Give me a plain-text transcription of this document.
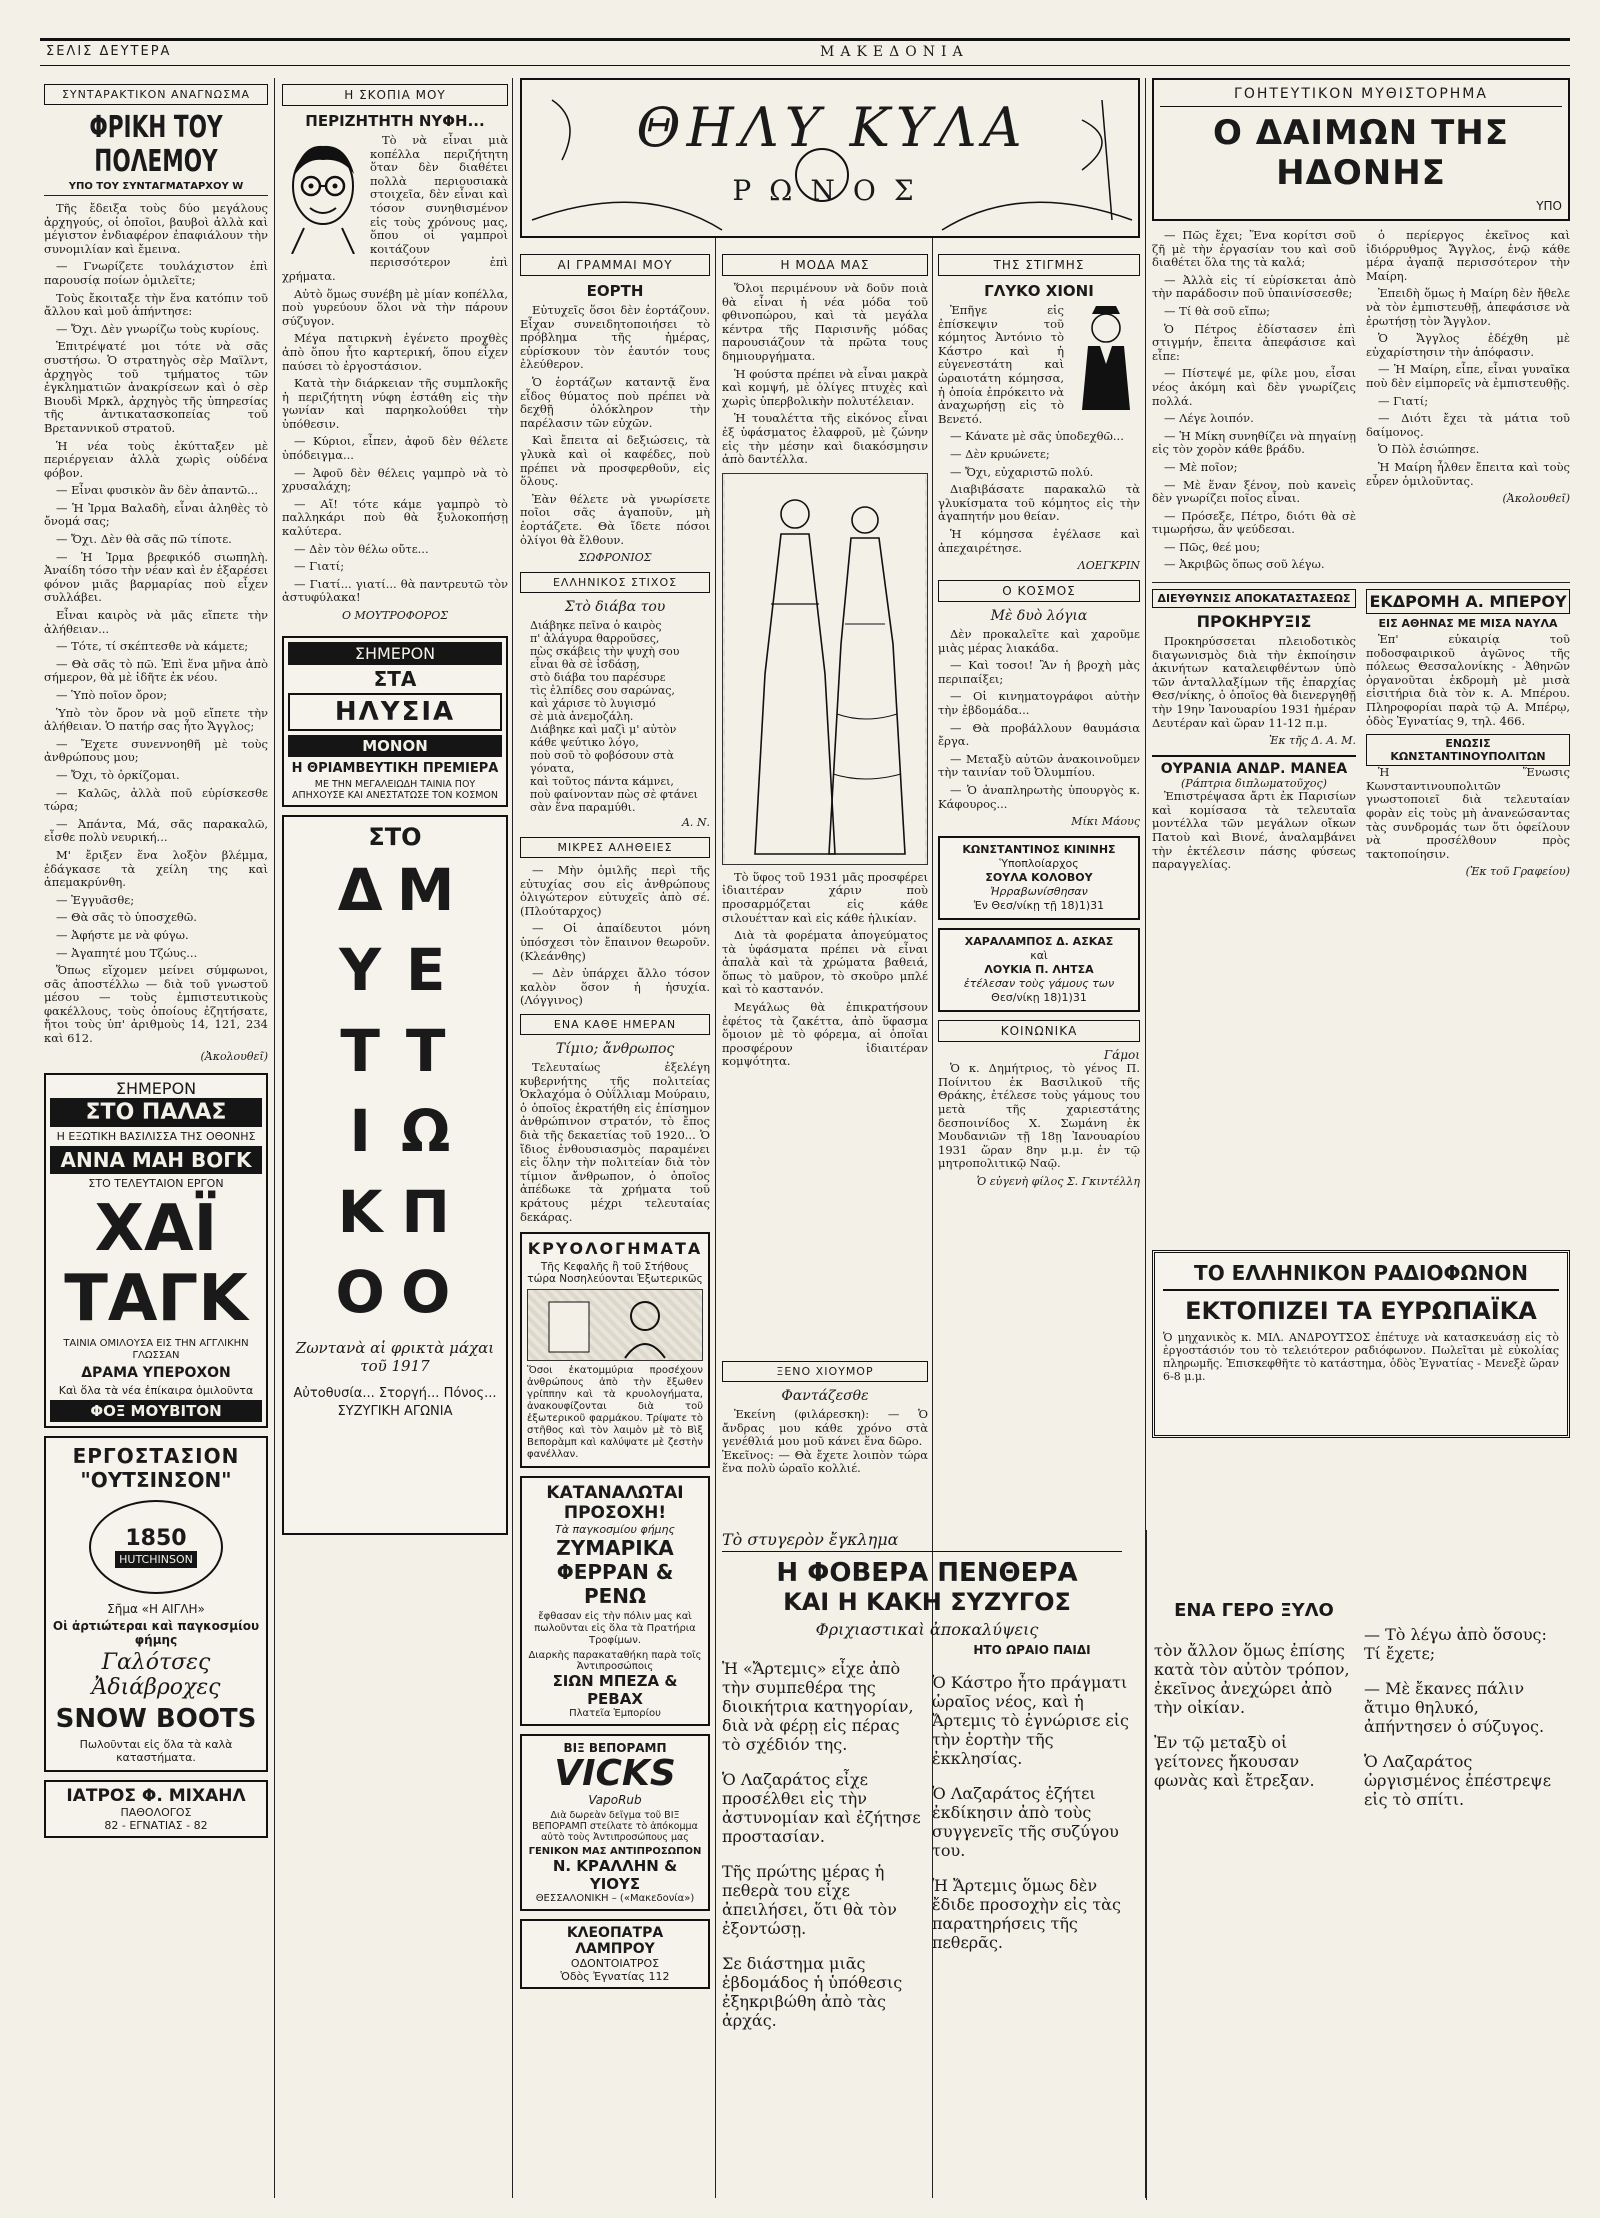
ΣΕΛΙΣ ΔΕΥΤΕΡΑ	ΜΑΚΕΔΟΝΙΑ
ΣΥΝΤΑΡΑΚΤΙΚΟΝ ΑΝΑΓΝΩΣΜΑ
ΦΡΙΚΗ ΤΟΥ ΠΟΛΕΜΟΥ
ΥΠΟ ΤΟΥ ΣΥΝΤΑΓΜΑΤΑΡΧΟΥ W

Τῆς ἔδειξα τοὺς δύο μεγάλους ἀρχηγούς, οἱ ὁποῖοι, βαυβοὶ ἀλλὰ καὶ μέγιστον ἐνδιαφέρον ἐπαφιάλουν τὴν συνομιλίαν καὶ ἔμεινα.

— Γνωρίζετε τουλάχιστον ἐπὶ παρουσίᾳ ποίων ὁμιλεῖτε;

Τοὺς ἔκοιταξε τὴν ἕνα κατόπιν τοῦ ἄλλου καὶ μοῦ ἀπήντησε:

— Ὄχι. Δὲν γνωρίζω τοὺς κυρίους.

Ἐπιτρέψατέ μοι τότε νὰ σᾶς συστήσω. Ὁ στρατηγὸς σὲρ Μαϊλντ, ἀρχηγὸς τοῦ τμήματος τῶν ἐγκληματιῶν ἀνακρίσεων καὶ ὁ σὲρ Βιουδὶ Μρκλ, ἀρχηγὸς τῆς ὑπηρεσίας τῆς ἀντικατασκοπείας τοῦ Βρεταννικοῦ στρατοῦ.

Ἡ νέα τοὺς ἐκύτταξεν μὲ περιέργειαν ἀλλὰ χωρὶς οὐδένα φόβον.

— Εἶναι φυσικὸν ἂν δὲν ἀπαντῶ...

— Ἡ Ἰρμα Βαλαδὴ, εἶναι ἀληθὲς τὸ ὄνομά σας;

— Ὄχι. Δὲν θὰ σᾶς πῶ τίποτε.

— Ἡ Ἰρμα βρεφικόδ σιωπηλὴ. Ἀναίδη τόσο τὴν νέαν καὶ ἐν ἐξαρέσει φόνον μιᾶς βαρμαρίας ποὺ εἶχεν συλλάβει.

Εἶναι καιρὸς νὰ μᾶς εἴπετε τὴν ἀλήθειαν...

— Τότε, τί σκέπτεσθε νὰ κάμετε;

— Θὰ σᾶς τὸ πῶ. Ἐπὶ ἕνα μῆνα ἀπὸ σήμερον, θὰ μὲ ἰδῆτε ἐκ νέου.

— Ὑπὸ ποῖον ὄρον;

Ὑπὸ τὸν ὄρον νὰ μοῦ εἴπετε τὴν ἀλήθειαν. Ὁ πατήρ σας ἦτο Ἄγγλος;

— Ἔχετε συνεννοηθῆ μὲ τοὺς ἀνθρώπους μου;

— Ὄχι, τὸ ὁρκίζομαι.

— Καλῶς, ἀλλὰ ποῦ εὑρίσκεσθε τώρα;

— Ἀπάντα, Μά, σᾶς παρακαλῶ, εἶσθε πολὺ νευρική...

Μ' ἔριξεν ἕνα λοξὸν βλέμμα, ἐδάγκασε τὰ χείλη της καὶ ἀπεμακρύνθη.

— Ἐγγυᾶσθε;

— Θὰ σᾶς τὸ ὑποσχεθῶ.

— Ἀφήστε με νὰ φύγω.

— Ἀγαπητέ μου Τζώυς...

Ὅπως εἴχομεν μείνει σύμφωνοι, σᾶς ἀποστέλλω — διὰ τοῦ γνωστοῦ μέσου — τοὺς ἐμπιστευτικοὺς φακέλλους, τοὺς ὁποίους ἐζητήσατε, ἤτοι τοὺς ὑπ' ἀριθμοὺς 14, 121, 234 καὶ 612.

(Ἀκολουθεῖ)
ΣΗΜΕΡΟΝ
ΣΤΟ ΠΑΛΑΣ
Η ΕΞΩΤΙΚΗ ΒΑΣΙΛΙΣΣΑ ΤΗΣ ΟΘΟΝΗΣ
ΑΝΝΑ ΜΑΗ ΒΟΓΚ
ΣΤΟ ΤΕΛΕΥΤΑΙΟΝ ΕΡΓΟΝ
ΧΑΪ ΤΑΓΚ
ΤΑΙΝΙΑ ΟΜΙΛΟΥΣΑ ΕΙΣ ΤΗΝ ΑΓΓΛΙΚΗΝ ΓΛΩΣΣΑΝ
ΔΡΑΜΑ ΥΠΕΡΟΧΟΝ
Καὶ ὅλα τὰ νέα ἐπίκαιρα ὁμιλοῦντα
ΦΟΞ ΜΟΥΒΙΤΟΝ
ΕΡΓΟΣΤΑΣΙΟΝ
"ΟΥΤΣΙΝΣΟΝ"
1850
HUTCHINSON
Σῆμα «Η ΑΙΓΛΗ»
Οἱ ἀρτιώτεραι καὶ παγκοσμίου φήμης
Γαλότσες
Ἀδιάβροχες
SNOW BOOTS
Πωλοῦνται εἰς ὅλα τὰ καλὰ καταστήματα.
ΙΑΤΡΟΣ Φ. ΜΙΧΑΗΛ
ΠΑΘΟΛΟΓΟΣ
82 - ΕΓΝΑΤΙΑΣ - 82
Η ΣΚΟΠΙΑ ΜΟΥ
ΠΕΡΙΖΗΤΗΤΗ ΝΥΦΗ...

Τὸ νὰ εἶναι μιὰ κοπέλλα περιζήτητη ὅταν δὲν διαθέτει πολλὰ περιουσιακὰ στοιχεῖα, δὲν εἶναι καὶ τόσον συνηθισμένον εἰς τοὺς χρόνους μας, ὅπου οἱ γαμπροὶ κοιτάζουν περισσότερον ἐπὶ χρήματα.

Αὐτὸ ὅμως συνέβη μὲ μίαν κοπέλλα, ποὺ γυρεύουν ὅλοι νὰ τὴν πάρουν σύζυγον.

Μέγα πατιρκνὴ ἐγένετο προχθὲς ἀπὸ ὅπου ἦτο καρτερική, ὅπου εἶχεν παύσει τὸ ἐργοστάσιον.

Κατὰ τὴν διάρκειαν τῆς συμπλοκῆς ἡ περιζήτητη νύφη ἐστάθη εἰς τὴν γωνίαν καὶ παρηκολούθει τὴν ὑπόθεσιν.

— Κύριοι, εἶπεν, ἀφοῦ δὲν θέλετε ὑπόδειγμα...

— Ἀφοῦ δὲν θέλεις γαμπρὸ νὰ τὸ χρυσαλάχη;

— Αἴ! τότε κάμε γαμπρὸ τὸ παλληκάρι ποὺ θὰ ξυλοκοπήσῃ καλύτερα.

— Δὲν τὸν θέλω οὔτε...

— Γιατί;

— Γιατί... γιατί... θὰ παντρευτῶ τὸν ἀστυφύλακα!

Ο ΜΟΥΤΡΟΦΟΡΟΣ
ΣΗΜΕΡΟΝ
ΣΤΑ
ΗΛΥΣΙΑ
ΜΟΝΟΝ
Η ΘΡΙΑΜΒΕΥΤΙΚΗ ΠΡΕΜΙΕΡΑ
ΜΕ ΤΗΝ ΜΕΓΑΛΕΙΩΔΗ ΤΑΙΝΙΑ ΠΟΥ ΑΠΗΧΟΥΣΕ ΚΑΙ ΑΝΕΣΤΑΤΩΣΕ ΤΟΝ ΚΟΣΜΟΝ
ΣΤΟ
Δ
Υ
Τ
Ι
Κ
Ο
Μ
Ε
Τ
Ω
Π
Ο
Ζωντανὰ αἱ φρικτὰ μάχαι τοῦ 1917
Αὐτοθυσία... Στοργή... Πόνος... ΣΥΖΥΓΙΚΗ ΑΓΩΝΙΑ
ΘΗΛΥ ΚΥΛΑ
ΡΩΝΟΣ
ΑΙ ΓΡΑΜΜΑΙ ΜΟΥ
ΕΟΡΤΗ

Εὐτυχεῖς ὅσοι δὲν ἑορτάζουν. Εἶχαν συνειδητοποιήσει τὸ πρόβλημα τῆς ἡμέρας, εὑρίσκουν τὸν ἑαυτόν τους ἐλεύθερον.

Ὁ ἑορτάζων καταντᾷ ἕνα εἶδος θύματος ποὺ πρέπει νὰ δεχθῇ ὁλόκληρον τὴν παρέλασιν τῶν εὐχῶν.

Καὶ ἔπειτα αἱ δεξιώσεις, τὰ γλυκὰ καὶ οἱ καφέδες, ποὺ πρέπει νὰ προσφερθοῦν, εἰς ὅλους.

Ἐὰν θέλετε νὰ γνωρίσετε ποῖοι σᾶς ἀγαποῦν, μὴ ἑορτάζετε. Θὰ ἴδετε πόσοι ὀλίγοι θὰ ἔλθουν.

ΣΩΦΡΟΝΙΟΣ
ΕΛΛΗΝΙΚΟΣ ΣΤΙΧΟΣ
Στὸ διάβα του
Διάβηκε πεῖνα ὁ καιρὸς
π' ἀλάγυρα θαρροῦσες,
πὼς σκάβεις τὴν ψυχὴ σου
εἶναι θὰ σὲ ἰσδάσῃ,
στὸ διάβα του παρέσυρε
τὶς ἐλπίδες σου σαρώνας,
καὶ χάρισε τὸ λυγισμό
σὲ μιὰ ἀνεμοζάλη.
Διάβηκε καὶ μαζὶ μ' αὐτὸν
κάθε ψεύτικο λόγο,
ποὺ σοῦ τὸ φοβόσουν στὰ γόνατα,
καὶ τοῦτος πάντα κάμνει,
ποὺ φαίνονταν πὼς σὲ φτάνει
σὰν ἕνα παραμύθι.
Α. Ν.
ΜΙΚΡΕΣ ΑΛΗΘΕΙΕΣ

— Μὴν ὁμιλῆς περὶ τῆς εὐτυχίας σου εἰς ἀνθρώπους ὀλιγώτερον εὐτυχεῖς ἀπὸ σέ. (Πλούταρχος)

— Οἱ ἀπαίδευτοι μόνη ὑπόσχεσι τὸν ἔπαινον θεωροῦν. (Κλεάνθης)

— Δὲν ὑπάρχει ἄλλο τόσον καλὸν ὅσον ἡ ἡσυχία. (Λόγγινος)

ΕΝΑ ΚΑΘΕ ΗΜΕΡΑΝ
Τίμιο; ἄνθρωπος

Τελευταίως ἐξελέγη κυβερνήτης τῆς πολιτείας Ὀκλαχόμα ὁ Οὐΐλλιαμ Μούραιυ, ὁ ὁποῖος ἐκρατήθη εἰς ἐπίσημον ἀνθρώπινον στρατόν, τὸ ἔπος διὰ τῆς δεκαετίας τοῦ 1920... Ὁ ἴδιος ἐνθουσιασμὸς παραμένει εἰς ὅλην τὴν πολιτείαν διὰ τὸν τίμιον ἄνθρωπον, ὁ ὁποῖος ἀπέδωκε τὰ χρήματα τοῦ κράτους μέχρι τελευταίας δεκάρας.

ΚΡΥΟΛΟΓΗΜΑΤΑ
Τῆς Κεφαλῆς ἢ τοῦ Στήθους τώρα Νοσηλεύονται Ἐξωτερικῶς
Ὅσοι ἐκατομμύρια προσέχουν ἀνθρώπους ἀπὸ τὴν ἔξωθεν γρίππην καὶ τὰ κρυολογήματα, ἀνακουφίζονται διὰ τοῦ ἐξωτερικοῦ φαρμάκου. Τρίψατε τὸ στῆθος καὶ τὸν λαιμὸν μὲ τὸ Βὶξ Βεπορὰμπ καὶ καλύψατε μὲ ζεστὴν φανέλλαν.
ΚΑΤΑΝΑΛΩΤΑΙ
ΠΡΟΣΟΧΗ!
Τὰ παγκοσμίου φήμης
ΖΥΜΑΡΙΚΑ
ΦΕΡΡΑΝ & ΡΕΝΩ
ἔφθασαν εἰς τὴν πόλιν μας καὶ πωλοῦνται εἰς ὅλα τὰ Πρατήρια Τροφίμων.
Διαρκὴς παρακαταθήκη παρὰ τοῖς Ἀντιπροσώποις
ΣΙΩΝ ΜΠΕΖΑ & ΡΕΒΑΧ
Πλατεῖα Ἐμπορίου
ΒΙΞ ΒΕΠΟΡΑΜΠ
VICKS
VapoRub
Διὰ δωρεὰν δεῖγμα τοῦ ΒΙΞ ΒΕΠΟΡΑΜΠ στείλατε τὸ ἀπόκομμα αὐτὸ τοὺς Ἀντιπροσώπους μας
ΓΕΝΙΚΟΝ ΜΑΣ ΑΝΤΙΠΡΟΣΩΠΟΝ
Ν. ΚΡΑΛΛΗΝ & ΥΙΟΥΣ
ΘΕΣΣΑΛΟΝΙΚΗ – («Μακεδονία»)
ΚΛΕΟΠΑΤΡΑ ΛΑΜΠΡΟΥ
ΟΔΟΝΤΟΙΑΤΡΟΣ
Ὁδὸς Ἐγνατίας 112
Η ΜΟΔΑ ΜΑΣ

Ὅλοι περιμένουν νὰ δοῦν ποιὰ θὰ εἶναι ἡ νέα μόδα τοῦ φθινοπώρου, καὶ τὰ μεγάλα κέντρα τῆς Παρισινῆς μόδας παρουσιάζουν τὰ πρῶτα τους δημιουργήματα.

Ἡ φούστα πρέπει νὰ εἶναι μακρὰ καὶ κομψή, μὲ ὀλίγες πτυχὲς καὶ χωρὶς ὑπερβολικὴν πολυτέλειαν.

Ἡ τουαλέττα τῆς εἰκόνος εἶναι ἐξ ὑφάσματος ἐλαφροῦ, μὲ ζώνην εἰς τὴν μέσην καὶ διακόσμησιν ἀπὸ δαντέλλα.

Τὸ ὕφος τοῦ 1931 μᾶς προσφέρει ἰδιαιτέραν χάριν ποὺ προσαρμόζεται εἰς κάθε σιλουέτταν καὶ εἰς κάθε ἡλικίαν.

Διὰ τὰ φορέματα ἀπογεύματος τὰ ὑφάσματα πρέπει νὰ εἶναι ἀπαλὰ καὶ τὰ χρώματα βαθειά, ὅπως τὸ μαῦρον, τὸ σκοῦρο μπλέ καὶ τὸ καστανόν.

Μεγάλως θὰ ἐπικρατήσουν ἐφέτος τὰ ζακέττα, ἀπὸ ὕφασμα ὅμοιον μὲ τὸ φόρεμα, αἱ ὁποῖαι προσφέρουν ἰδιαιτέραν κομψότητα.

ΞΕΝΟ ΧΙΟΥΜΟΡ
Φαντάζεσθε

Ἐκείνη (φιλάρεσκη): — Ὁ ἄνδρας μου κάθε χρόνο στὰ γενέθλιά μου μοῦ κάνει ἕνα δῶρο.
Ἐκεῖνος: — Θὰ ἔχετε λοιπὸν τώρα ἕνα πολὺ ὡραῖο κολλιέ.

ΤΗΣ ΣΤΙΓΜΗΣ
ΓΛΥΚΟ ΧΙΟΝΙ

Ἐπῆγε εἰς ἐπίσκεψιν τοῦ κόμητος Ἀντόνιο τὸ Κάστρο καὶ ἡ εὐγενεστάτη καὶ ὡραιοτάτη κόμησσα, ἡ ὁποία ἐπρόκειτο νὰ ἀναχωρήσῃ εἰς τὸ Βενετό.

— Κάνατε μὲ σᾶς ὑποδεχθῶ...

— Δὲν κρυώνετε;

— Ὄχι, εὐχαριστῶ πολύ.

Διαβιβάσατε παρακαλῶ τὰ γλυκίσματα τοῦ κόμητος εἰς τὴν ἀγαπητήν μου θείαν.

Ἡ κόμησσα ἐγέλασε καὶ ἀπεχαιρέτησε.

ΛΟΕΓΚΡΙΝ
Ο ΚΟΣΜΟΣ
Μὲ δυὸ λόγια

Δὲν προκαλεῖτε καὶ χαροῦμε μιὰς μέρας λιακάδα.

— Καὶ τοσοι! Ἂν ἡ βροχὴ μὰς περιπαίξει;

— Οἱ κινηματογράφοι αὐτὴν τὴν ἐβδομάδα...

— Θὰ προβάλλουν θαυμάσια ἔργα.

— Μεταξὺ αὐτῶν ἀνακοινοῦμεν τὴν ταινίαν τοῦ Ὀλυμπίου.

— Ὁ ἀναπληρωτὴς ὑπουργὸς κ. Κάφουρος...

Μίκι Μάους
ΚΩΝΣΤΑΝΤΙΝΟΣ ΚΙΝΙΝΗΣ
Ὑποπλοίαρχος
ΣΟΥΛΑ ΚΟΛΟΒΟΥ
Ἠρραβωνίσθησαν
Ἐν Θεσ/νίκῃ τῇ 18)1)31
ΧΑΡΑΛΑΜΠΟΣ Δ. ΑΣΚΑΣ
καὶ
ΛΟΥΚΙΑ Π. ΛΗΤΣΑ
ἐτέλεσαν τοὺς γάμους των
Θεσ/νίκῃ 18)1)31
ΚΟΙΝΩΝΙΚΑ
Γάμοι

Ὁ κ. Δημήτριος, τὸ γένος Π. Ποίνιτου ἐκ Βασιλικοῦ τῆς Θράκης, ἐτέλεσε τοὺς γάμους του μετὰ τῆς χαριεστάτης δεσποινίδος Χ. Σωμάνη ἐκ Μουδανιῶν τῇ 18ῃ Ἰανουαρίου 1931 ὥραν 8ην μ.μ. ἐν τῷ μητροπολιτικῷ Ναῷ.

Ὁ εὐγενὴ φίλος Σ. Γκιντέλλη
ΓΟΗΤΕΥΤΙΚΟΝ ΜΥΘΙΣΤΟΡΗΜΑ
Ο ΔΑΙΜΩΝ ΤΗΣ ΗΔΟΝΗΣ
ΥΠΟ

— Πῶς ἔχει; Ἕνα κορίτσι σοῦ ζῆ μὲ τὴν ἐργασίαν του καὶ σοῦ διαθέτει ὅλα της τὰ καλά;

— Ἀλλὰ εἰς τί εὑρίσκεται ἀπὸ τὴν παράδοσιν ποῦ ὑπαινίσσεσθε;

— Τί θὰ σοῦ εἴπω;

Ὁ Πέτρος ἐδίστασεν ἐπὶ στιγμήν, ἔπειτα ἀπεφάσισε καὶ εἶπε:

— Πίστεψέ με, φίλε μου, εἶσαι νέος ἀκόμη καὶ δὲν γνωρίζεις πολλά.

— Λέγε λοιπόν.

— Ἡ Μίκη συνηθίζει νὰ πηγαίνῃ εἰς τὸν χορὸν κάθε βράδυ.

— Μὲ ποῖον;

— Μὲ ἕναν ξένον, ποὺ κανεὶς δὲν γνωρίζει ποῖος εἶναι.

— Πρόσεξε, Πέτρο, διότι θὰ σὲ τιμωρήσω, ἂν ψεύδεσαι.

— Πῶς, θεέ μου;

— Ἀκριβῶς ὅπως σοῦ λέγω.

ὁ περίεργος ἐκεῖνος καὶ ἰδιόρρυθμος Ἄγγλος, ἐνῷ κάθε μέρα ἀγαπᾷ περισσότερον τὴν Μαίρη.

Ἐπειδὴ ὅμως ἡ Μαίρη δὲν ἤθελε νὰ τὸν ἐμπιστευθῇ, ἀπεφάσισε νὰ ἐρωτήσῃ τὸν Ἄγγλον.

Ὁ Ἄγγλος ἐδέχθη μὲ εὐχαρίστησιν τὴν ἀπόφασιν.

— Ἡ Μαίρη, εἶπε, εἶναι γυναῖκα ποὺ δὲν εἰμπορεῖς νὰ ἐμπιστευθῇς.

— Γιατί;

— Διότι ἔχει τὰ μάτια τοῦ δαίμονος.

Ὁ Πὸλ ἐσιώπησε.

Ἡ Μαίρη ἦλθεν ἔπειτα καὶ τοὺς εὗρεν ὁμιλοῦντας.

(Ἀκολουθεῖ)
ΔΙΕΥΘΥΝΣΙΣ ΑΠΟΚΑΤΑΣΤΑΣΕΩΣ
ΠΡΟΚΗΡΥΞΙΣ

Προκηρύσσεται πλειοδοτικὸς διαγωνισμὸς διὰ τὴν ἐκποίησιν ἀκινήτων καταλειφθέντων ὑπὸ τῶν ἀνταλλαξίμων τῆς ἐπαρχίας Θεσ/νίκης, ὁ ὁποῖος θὰ διενεργηθῇ τὴν 19ην Ἰανουαρίου 1931 ἡμέραν Δευτέραν καὶ ὥραν 11-12 π.μ.

Ἐκ τῆς Δ. Α. Μ.
ΟΥΡΑΝΙΑ ΑΝΔΡ. ΜΑΝΕΑ
(Ράπτρια διπλωματοῦχος)

Ἐπιστρέψασα ἄρτι ἐκ Παρισίων καὶ κομίσασα τὰ τελευταῖα μοντέλλα τῶν μεγάλων οἴκων Πατοὺ καὶ Βιονέ, ἀναλαμβάνει τὴν ἐκτέλεσιν πάσης φύσεως παραγγελίας.

ΕΚΔΡΟΜΗ Α. ΜΠΕΡΟΥ
ΕΙΣ ΑΘΗΝΑΣ ΜΕ ΜΙΣΑ ΝΑΥΛΑ

Ἐπ' εὐκαιρίᾳ τοῦ ποδοσφαιρικοῦ ἀγῶνος τῆς πόλεως Θεσσαλονίκης - Ἀθηνῶν ὀργανοῦται ἐκδρομὴ μὲ μισὰ εἰσιτήρια διὰ τὸν κ. Α. Μπέρου. Πληροφορίαι παρὰ τῷ Α. Μπέρῳ, ὁδὸς Ἐγνατίας 9, τηλ. 466.

ΕΝΩΣΙΣ ΚΩΝΣΤΑΝΤΙΝΟΥΠΟΛΙΤΩΝ

Ἡ Ἕνωσις Κωνσταντινουπολιτῶν γνωστοποιεῖ διὰ τελευταίαν φορὰν εἰς τοὺς μὴ ἀνανεώσαντας τὰς συνδρομάς των ὅτι ὀφείλουν νὰ προσέλθουν πρὸς τακτοποίησιν.

(Ἐκ τοῦ Γραφείου)
ΤΟ ΕΛΛΗΝΙΚΟΝ ΡΑΔΙΟΦΩΝΟΝ
ΕΚΤΟΠΙΖΕΙ ΤΑ ΕΥΡΩΠΑΪΚΑ
Ὁ μηχανικὸς κ. ΜΙΛ. ΑΝΔΡΟΥΤΣΟΣ ἐπέτυχε νὰ κατασκευάσῃ εἰς τὸ ἐργοστάσιόν του τὸ τελειότερον ραδιόφωνον. Πωλεῖται μὲ εὐκολίας πληρωμῆς. Ἐπισκεφθῆτε τὸ κατάστημα, ὁδὸς Ἐγνατίας - Μενεξὲ ὥραν 6-8 μ.μ.
Τὸ στυγερὸν ἔγκλημα
Η ΦΟΒΕΡΑ ΠΕΝΘΕΡΑ
ΚΑΙ Η ΚΑΚΗ ΣΥΖΥΓΟΣ
Φριχιαστικαὶ ἀποκαλύψεις

Ἡ «Ἄρτεμις» εἶχε ἀπὸ τὴν συμπεθέρα της διοικήτρια κατηγορίαν, διὰ νὰ φέρῃ εἰς πέρας τὸ σχέδιόν της.

Ὁ Λαζαράτος εἶχε προσέλθει εἰς τὴν ἀστυνομίαν καὶ ἐζήτησε προστασίαν.

Τῆς πρώτης μέρας ἡ πεθερὰ του εἶχε ἀπειλήσει, ὅτι θὰ τὸν ἐξοντώσῃ.

Σε διάστημα μιᾶς ἑβδομάδος ἡ ὑπόθεσις ἐξηκριβώθη ἀπὸ τὰς ἀρχάς.

ΗΤΟ ΩΡΑΙΟ ΠΑΙΔΙ

Ὁ Κάστρο ἦτο πράγματι ὡραῖος νέος, καὶ ἡ Ἄρτεμις τὸ ἐγνώρισε εἰς τὴν ἑορτὴν τῆς ἐκκλησίας.

Ὁ Λαζαράτος ἐζήτει ἐκδίκησιν ἀπὸ τοὺς συγγενεῖς τῆς συζύγου του.

Ἡ Ἄρτεμις ὅμως δὲν ἔδιδε προσοχὴν εἰς τὰς παρατηρήσεις τῆς πεθερᾶς.

ΕΝΑ ΓΕΡΟ ΞΥΛΟ

τὸν ἄλλον ὅμως ἐπίσης κατὰ τὸν αὐτὸν τρόπον, ἐκεῖνος ἀνεχώρει ἀπὸ τὴν οἰκίαν.

Ἐν τῷ μεταξὺ οἱ γείτονες ἤκουσαν φωνὰς καὶ ἔτρεξαν.

— Τὸ λέγω ἀπὸ ὅσους: Τί ἔχετε;

— Μὲ ἔκανες πάλιν ἄτιμο θηλυκό, ἀπήντησεν ὁ σύζυγος.

Ὁ Λαζαράτος ὠργισμένος ἐπέστρεψε εἰς τὸ σπίτι.
